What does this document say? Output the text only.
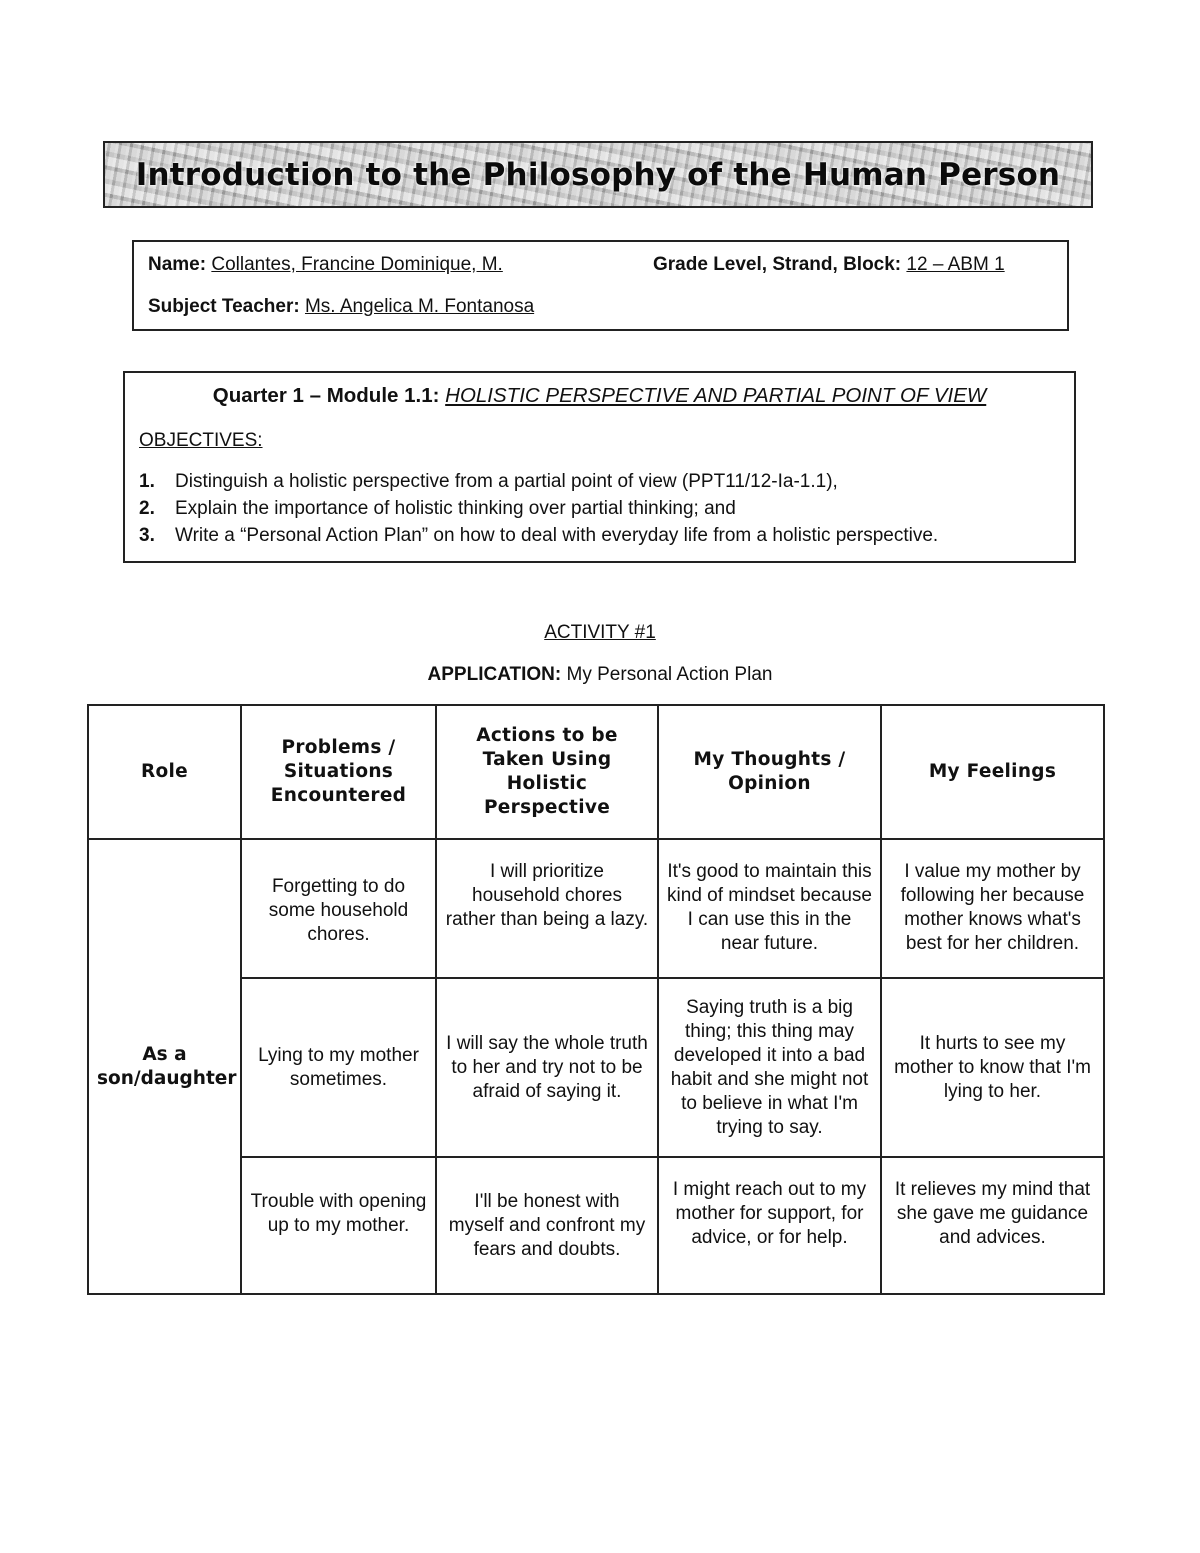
Introduction to the Philosophy of the Human Person
Name: Collantes, Francine Dominique, M.	Grade Level, Strand, Block: 12 – ABM 1
Subject Teacher: Ms. Angelica M. Fontanosa
Quarter 1 – Module 1.1: HOLISTIC PERSPECTIVE AND PARTIAL POINT OF VIEW
OBJECTIVES:
1. Distinguish a holistic perspective from a partial point of view (PPT11/12-Ia-1.1),
2. Explain the importance of holistic thinking over partial thinking; and
3. Write a “Personal Action Plan” on how to deal with everyday life from a holistic perspective.
ACTIVITY #1
APPLICATION: My Personal Action Plan
Role	Problems / Situations Encountered	Actions to be Taken Using Holistic Perspective	My Thoughts / Opinion	My Feelings
As a son/daughter	Forgetting to do some household chores.	I will prioritize household chores rather than being a lazy.	It's good to maintain this kind of mindset because I can use this in the near future.	I value my mother by following her because mother knows what's best for her children.
	Lying to my mother sometimes.	I will say the whole truth to her and try not to be afraid of saying it.	Saying truth is a big thing; this thing may developed it into a bad habit and she might not to believe in what I'm trying to say.	It hurts to see my mother to know that I'm lying to her.
	Trouble with opening up to my mother.	I'll be honest with myself and confront my fears and doubts.	I might reach out to my mother for support, for advice, or for help.	It relieves my mind that she gave me guidance and advices.
